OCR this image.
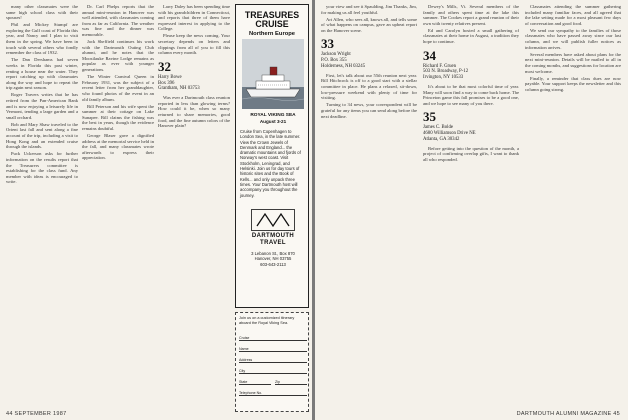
many other classmates were the same high school class with their spouses!

Phil and Mickey Stumpf are exploring the Gulf coast of Florida this year, and Nancy and I plan to visit them in the spring. We have been in touch with several others who fondly remember the class of 1932.

The Dan Dershams had seven weeks in Florida this past winter, renting a house near the water. They report catching up with classmates along the way and hope to repeat the trip again next season.

Roger Travers writes that he has retired from the Pan-American Bank and is now enjoying a leisurely life in Vermont, tending a large garden and a small orchard.

Bob and Mary Shaw traveled to the Orient last fall and sent along a fine account of the trip, including a visit to Hong Kong and an extended cruise through the islands.

Puck Uckerson asks for further information on the results report that the Treasurers committee is establishing for the class fund. Any member with ideas is encouraged to write.

Dr. Carl Phelps reports that the annual mini-reunion in Hanover was well attended, with classmates coming from as far as California. The weather was fine and the dinner was memorable.

Jack Sheffield continues his work with the Dartmouth Outing Club alumni, and he notes that the Moosilauke Ravine Lodge remains as popular as ever with younger generations.

The Winter Carnival Queen in February 1931, was the subject of a recent letter from her granddaughter, who found photos of the event in an old family album.

Bill Peterson and his wife spent the summer at their cottage on Lake Sunapee. Bill claims the fishing was the best in years, though the evidence remains doubtful.

George Blaser gave a dignified address at the memorial service held in the fall, and many classmates wrote afterwards to express their appreciation.

Larry Daley has been spending time with his grandchildren in Connecticut, and reports that three of them have expressed interest in applying to the College.

Please keep the news coming. Your secretary depends on letters and clippings from all of you to fill this column every month.

32
Harry Bowe
Box 396
Grantham, NH 03753

Was ever a Dartmouth class reunion reported in less than glowing terms? How could it be, when so many returned to share memories, good food, and the fine autumn colors of the Hanover plain?

TREASURES
CRUISE
Northern Europe
ROYAL VIKING SEA
August 3-21
Cruise from Copenhagen to London Sea, in the late summer. View the Crown Jewels of Denmark and England... the dramatic mountains and fjords of Norway's west coast. Visit Stockholm, Leningrad, and Helsinki. Join us for day tours of historic sites and the Book of Kells... and only unpack three times. Your Dartmouth host will accompany you throughout the journey.
DARTMOUTH
TRAVEL
3 Lebanon St., Box 870
Hanover, NH 03755
603-643-2113
Join us on a customized itinerary aboard the Royal Viking Sea.
Cruise
Name
Address
City
State	Zip
Telephone No.
44 SEPTEMBER 1987

your view and see it Spaulding, Jim Thanks, Jim, for making us all feel youthful.

Art Allen, who sees all, knows all, and tells some of what happens on campus, gave an upbeat report on the Hanover scene.

33
Jackson Wright
P.O. Box 355
Holderness, NH 03245

First, let's talk about our 55th reunion next year. Bill Hitchcock is off to a good start with a stellar committee in place. He plans a relaxed, sit-down, low-pressure weekend with plenty of time for visiting.

Turning to 34 news, your correspondent will be grateful for any items you can send along before the next deadline.

Dewey's Mills, Vt. Several members of the family and others spent time at the lake this summer. The Cookes report a grand reunion of their own with twenty relatives present.

Ed and Carolyn hosted a small gathering of classmates at their home in August, a tradition they hope to continue.

34
Richard F. Gruen
503 N. Broadway, P-12
Irvington, NY 10533

It's about to be that most colorful time of year. Many will soon find a way to come back home. The Princeton game this fall promises to be a good one, and we hope to see many of you there.

35
James C. Bolde
4680 Williamson Drive NE
Atlanta, GA 30342

Before getting into the question of the month, a project of confirming overlap gifts, I want to thank all who responded.

Classmates attending the summer gathering included many familiar faces, and all agreed that the lake setting made for a most pleasant few days of conversation and good food.

We send our sympathy to the families of those classmates who have passed away since our last column, and we will publish fuller notices as information arrives.

Several members have asked about plans for the next mini-reunion. Details will be mailed to all in the coming months, and suggestions for location are most welcome.

Finally, a reminder that class dues are now payable. Your support keeps the newsletter and this column going strong.

DARTMOUTH ALUMNI MAGAZINE 45
